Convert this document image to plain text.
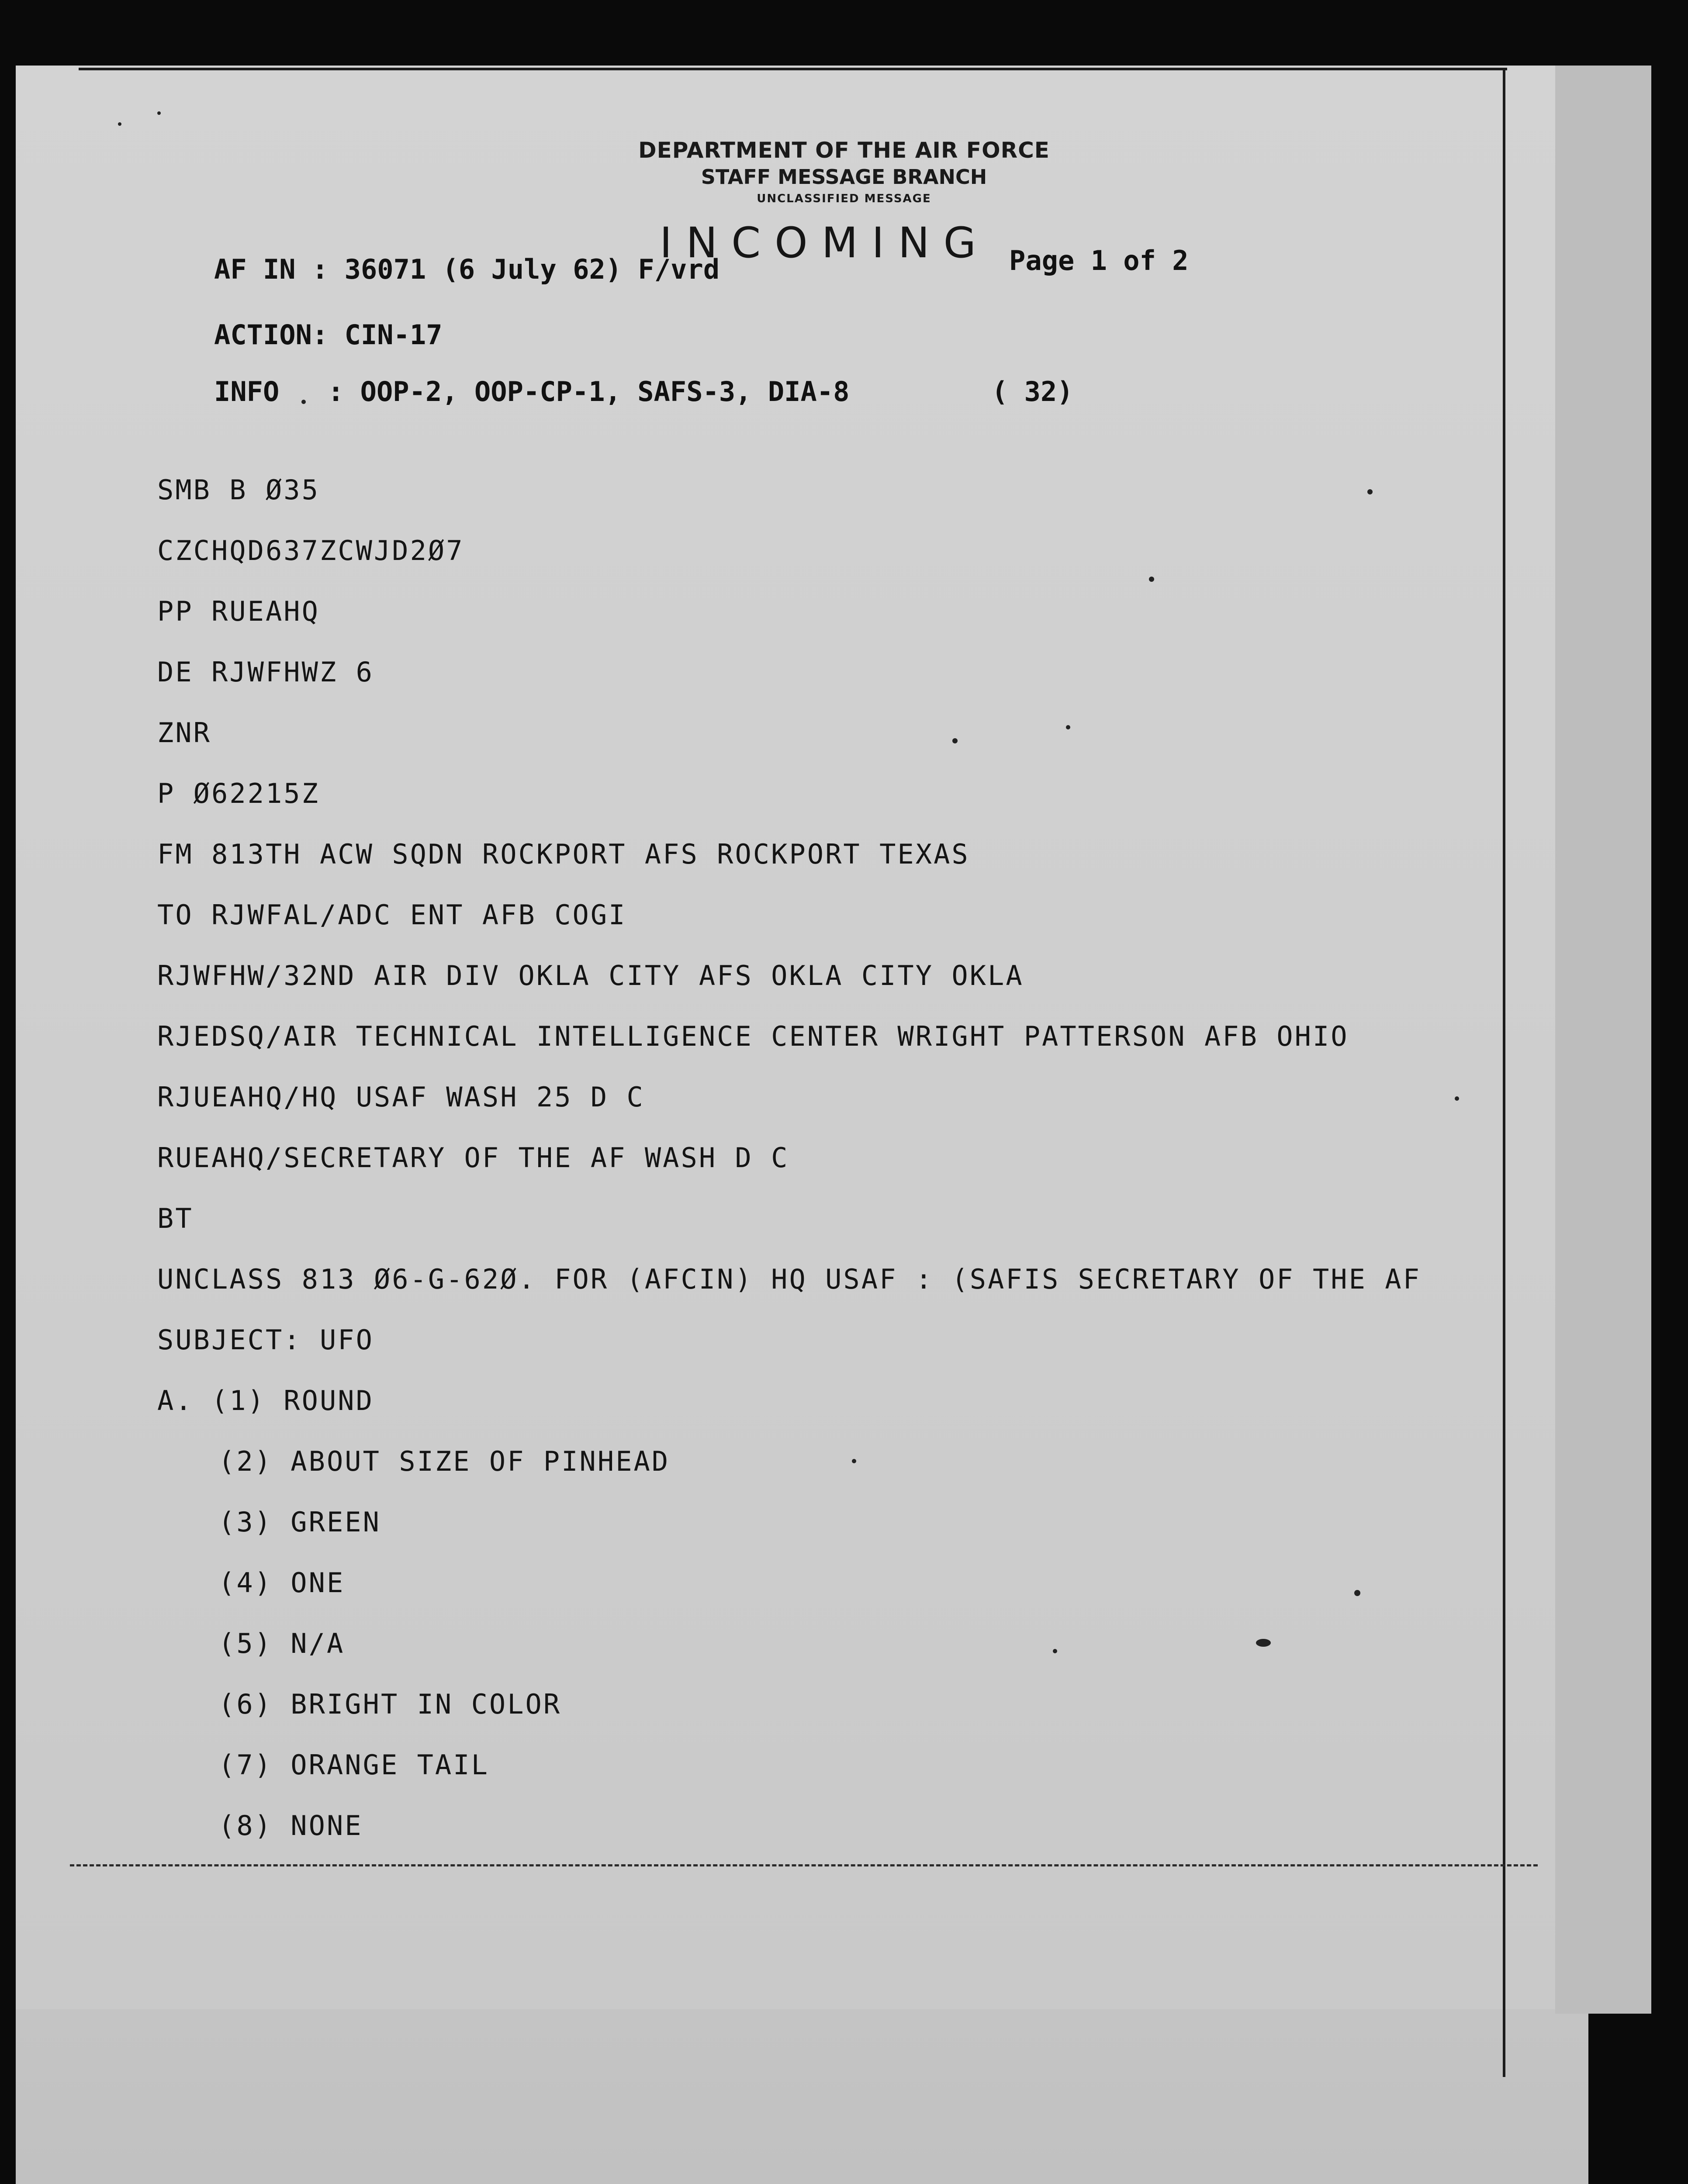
DEPARTMENT OF THE AIR FORCE
STAFF MESSAGE BRANCH
UNCLASSIFIED MESSAGE
INCOMING
AF IN : 36071 (6 July 62) F/vrd	Page 1 of 2
ACTION: CIN-17
INFO : OOP-2, OOP-CP-1, SAFS-3, DIA-8	( 32)
SMB B Ø35
CZCHQD637ZCWJD2Ø7
PP RUEAHQ
DE RJWFHWZ 6
ZNR
P Ø62215Z
FM 813TH ACW SQDN ROCKPORT AFS ROCKPORT TEXAS
TO RJWFAL/ADC ENT AFB COGI
RJWFHW/32ND AIR DIV OKLA CITY AFS OKLA CITY OKLA
RJEDSQ/AIR TECHNICAL INTELLIGENCE CENTER WRIGHT PATTERSON AFB OHIO
RJUEAHQ/HQ USAF WASH 25 D C
RUEAHQ/SECRETARY OF THE AF WASH D C
BT
UNCLASS 813 Ø6-G-62Ø. FOR (AFCIN) HQ USAF : (SAFIS SECRETARY OF THE AF
SUBJECT: UFO
A. (1) ROUND
(2) ABOUT SIZE OF PINHEAD
(3) GREEN
(4) ONE
(5) N/A
(6) BRIGHT IN COLOR
(7) ORANGE TAIL
(8) NONE
